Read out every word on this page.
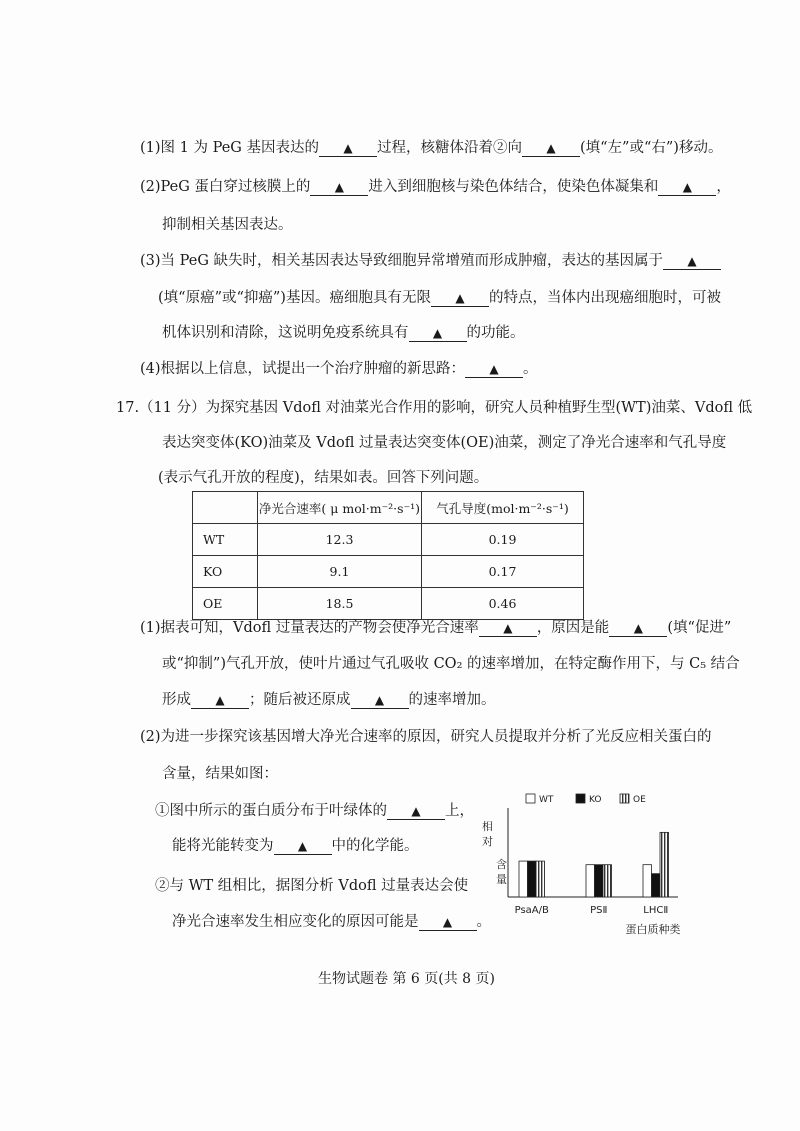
(1)图 1 为 PeG 基因表达的 ▲ 过程，核糖体沿着②向 ▲ (填“左”或“右”)移动。
(2)PeG 蛋白穿过核膜上的 ▲ 进入到细胞核与染色体结合，使染色体凝集和 ▲ ，
抑制相关基因表达。
(3)当 PeG 缺失时，相关基因表达导致细胞异常增殖而形成肿瘤，表达的基因属于 ▲
(填“原癌”或“抑癌”)基因。癌细胞具有无限 ▲ 的特点，当体内出现癌细胞时，可被
机体识别和清除，这说明免疫系统具有 ▲ 的功能。
(4)根据以上信息，试提出一个治疗肿瘤的新思路： ▲ 。
17.（11 分）为探究基因 Vdofl 对油菜光合作用的影响，研究人员种植野生型(WT)油菜、Vdofl 低
表达突变体(KO)油菜及 Vdofl 过量表达突变体(OE)油菜，测定了净光合速率和气孔导度
(表示气孔开放的程度)，结果如表。回答下列问题。
	净光合速率( μ mol·m⁻²·s⁻¹)	气孔导度(mol·m⁻²·s⁻¹)
WT	12.3	0.19
KO	9.1	0.17
OE	18.5	0.46
(1)据表可知，Vdofl 过量表达的产物会使净光合速率 ▲ ，原因是能 ▲ (填“促进”
或“抑制”)气孔开放，使叶片通过气孔吸收 CO₂ 的速率增加，在特定酶作用下，与 C₅ 结合
形成 ▲ ；随后被还原成 ▲ 的速率增加。
(2)为进一步探究该基因增大净光合速率的原因，研究人员提取并分析了光反应相关蛋白的
含量，结果如图：
①图中所示的蛋白质分布于叶绿体的 ▲ 上，
能将光能转变为 ▲ 中的化学能。
②与 WT 组相比，据图分析 Vdofl 过量表达会使
净光合速率发生相应变化的原因可能是 ▲ 。
相
对
含
量
PsaA/B	PSⅡ	LHCⅡ
WT	KO	OE
蛋白质种类
生物试题卷 第 6 页(共 8 页)
